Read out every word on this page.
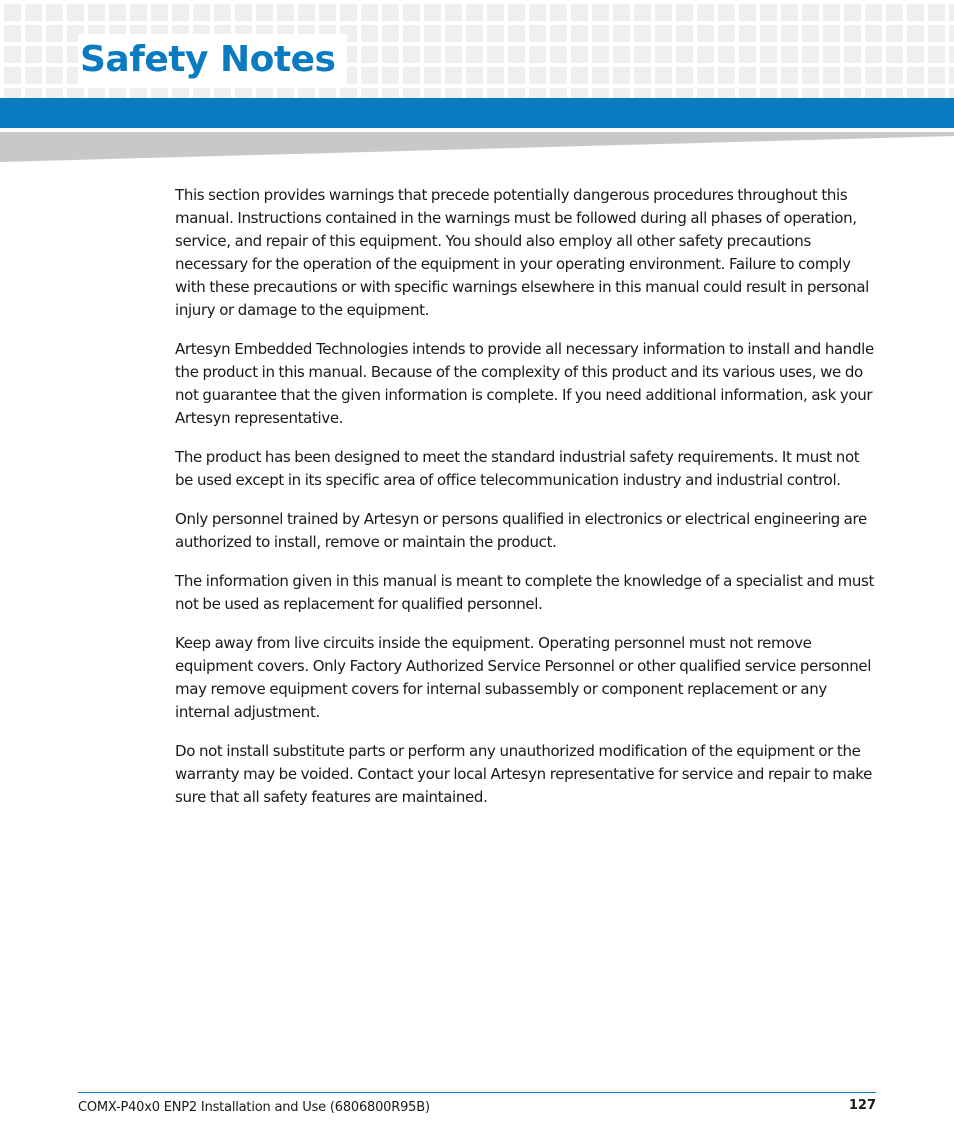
Safety Notes

This section provides warnings that precede potentially dangerous procedures throughout this manual. Instructions contained in the warnings must be followed during all phases of operation, service, and repair of this equipment. You should also employ all other safety precautions necessary for the operation of the equipment in your operating environment. Failure to comply with these precautions or with specific warnings elsewhere in this manual could result in personal injury or damage to the equipment.

Artesyn Embedded Technologies intends to provide all necessary information to install and handle the product in this manual. Because of the complexity of this product and its various uses, we do not guarantee that the given information is complete. If you need additional information, ask your Artesyn representative.

The product has been designed to meet the standard industrial safety requirements. It must not be used except in its specific area of office telecommunication industry and industrial control.

Only personnel trained by Artesyn or persons qualified in electronics or electrical engineering are authorized to install, remove or maintain the product.

The information given in this manual is meant to complete the knowledge of a specialist and must not be used as replacement for qualified personnel.

Keep away from live circuits inside the equipment. Operating personnel must not remove equipment covers. Only Factory Authorized Service Personnel or other qualified service personnel may remove equipment covers for internal subassembly or component replacement or any internal adjustment.

Do not install substitute parts or perform any unauthorized modification of the equipment or the warranty may be voided. Contact your local Artesyn representative for service and repair to make sure that all safety features are maintained.

COMX-P40x0 ENP2 Installation and Use (6806800R95B)	127
